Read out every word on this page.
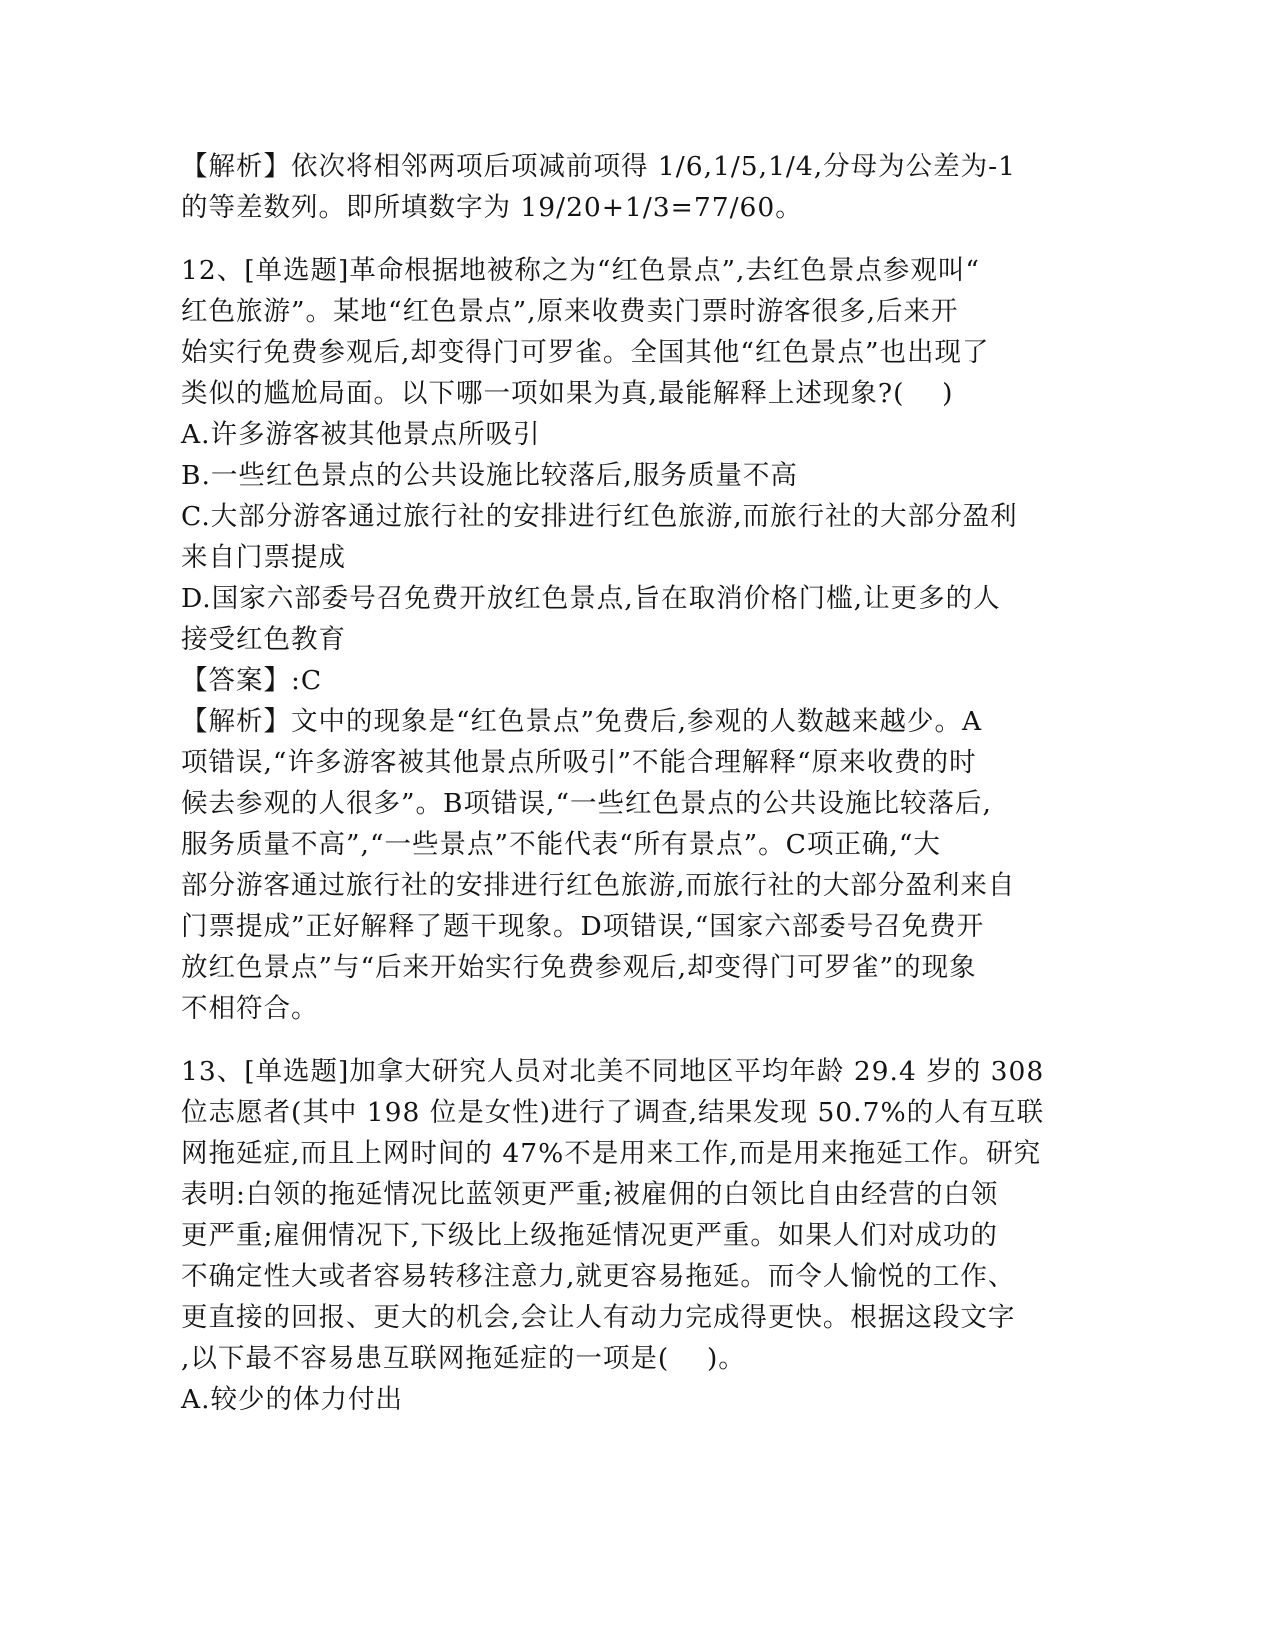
【解析】依次将相邻两项后项减前项得 1/6,1/5,1/4,分母为公差为-1
的等差数列。即所填数字为 19/20+1/3=77/60。
12、[单选题]革命根据地被称之为“红色景点”,去红色景点参观叫“
红色旅游”。某地“红色景点”,原来收费卖门票时游客很多,后来开
始实行免费参观后,却变得门可罗雀。全国其他“红色景点”也出现了
类似的尴尬局面。以下哪一项如果为真,最能解释上述现象?(    )
A.许多游客被其他景点所吸引
B.一些红色景点的公共设施比较落后,服务质量不高
C.大部分游客通过旅行社的安排进行红色旅游,而旅行社的大部分盈利
来自门票提成
D.国家六部委号召免费开放红色景点,旨在取消价格门槛,让更多的人
接受红色教育
【答案】:C
【解析】文中的现象是“红色景点”免费后,参观的人数越来越少。A
项错误,“许多游客被其他景点所吸引”不能合理解释“原来收费的时
候去参观的人很多”。B项错误,“一些红色景点的公共设施比较落后,
服务质量不高”,“一些景点”不能代表“所有景点”。C项正确,“大
部分游客通过旅行社的安排进行红色旅游,而旅行社的大部分盈利来自
门票提成”正好解释了题干现象。D项错误,“国家六部委号召免费开
放红色景点”与“后来开始实行免费参观后,却变得门可罗雀”的现象
不相符合。
13、[单选题]加拿大研究人员对北美不同地区平均年龄 29.4 岁的 308
位志愿者(其中 198 位是女性)进行了调查,结果发现 50.7%的人有互联
网拖延症,而且上网时间的 47%不是用来工作,而是用来拖延工作。研究
表明:白领的拖延情况比蓝领更严重;被雇佣的白领比自由经营的白领
更严重;雇佣情况下,下级比上级拖延情况更严重。如果人们对成功的
不确定性大或者容易转移注意力,就更容易拖延。而令人愉悦的工作、
更直接的回报、更大的机会,会让人有动力完成得更快。根据这段文字
,以下最不容易患互联网拖延症的一项是(    )。
A.较少的体力付出
